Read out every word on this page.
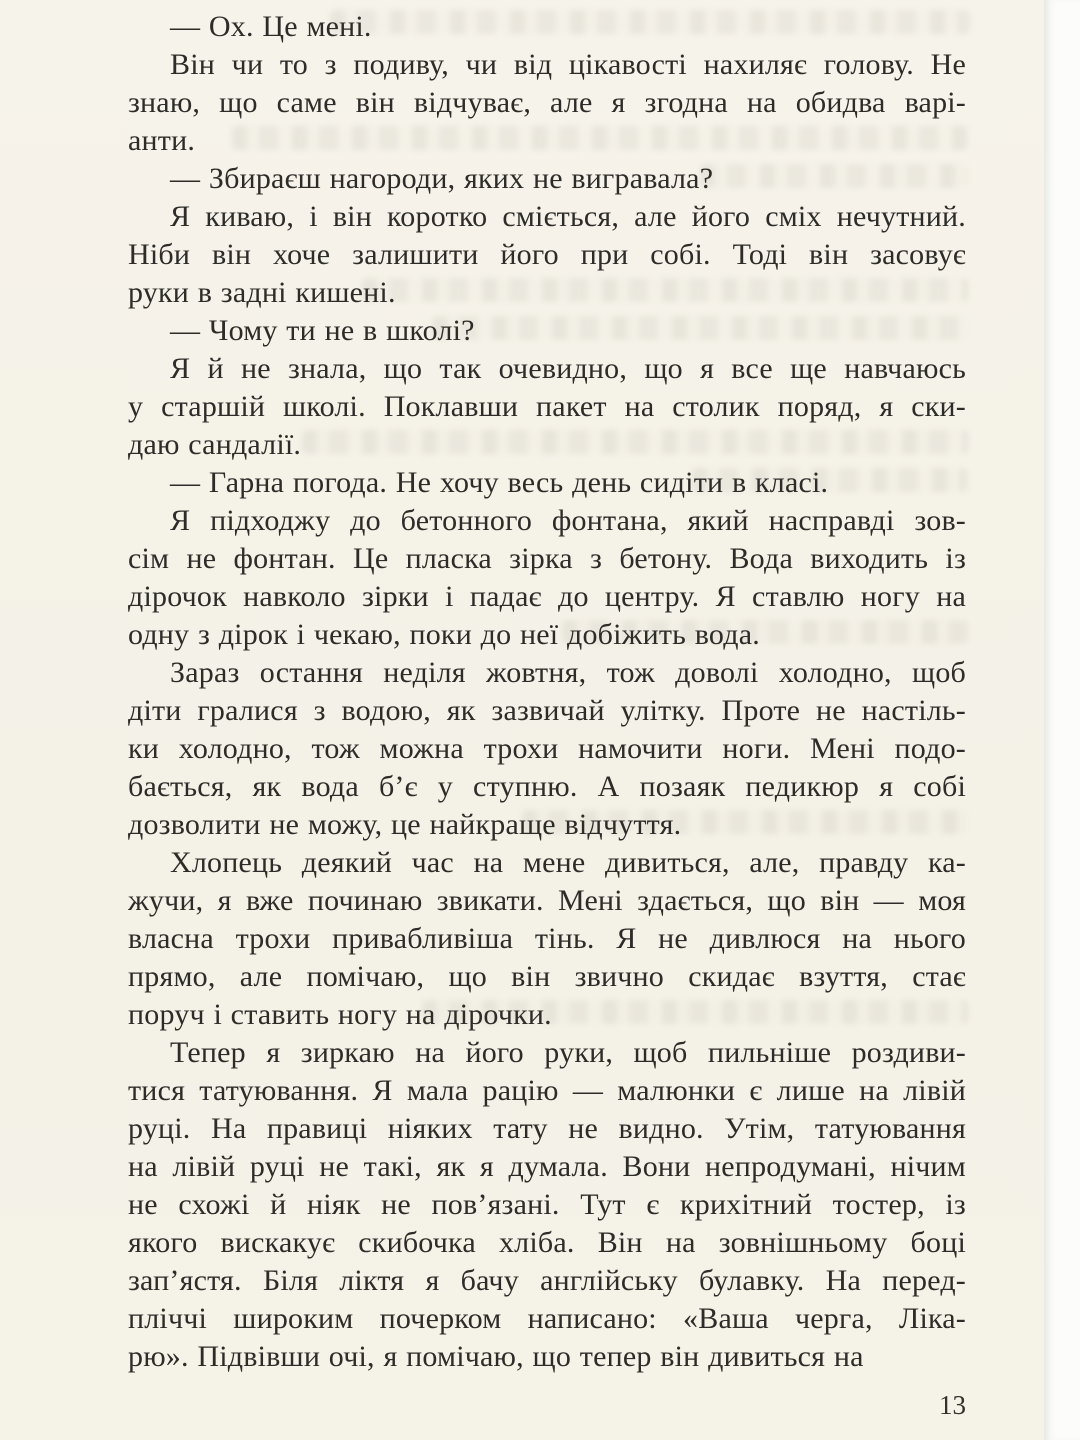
— Ох. Це мені.
Він чи то з подиву, чи від цікавості нахиляє голову. Не
знаю, що саме він відчуває, але я згодна на обидва варі-
анти.
— Збираєш нагороди, яких не вигравала?
Я киваю, і він коротко сміється, але його сміх нечутний.
Ніби він хоче залишити його при собі. Тоді він засовує
руки в задні кишені.
— Чому ти не в школі?
Я й не знала, що так очевидно, що я все ще навчаюсь
у старшій школі. Поклавши пакет на столик поряд, я ски-
даю сандалії.
— Гарна погода. Не хочу весь день сидіти в класі.
Я підходжу до бетонного фонтана, який насправді зов-
сім не фонтан. Це пласка зірка з бетону. Вода виходить із
дірочок навколо зірки і падає до центру. Я ставлю ногу на
одну з дірок і чекаю, поки до неї добіжить вода.
Зараз остання неділя жовтня, тож доволі холодно, щоб
діти гралися з водою, як зазвичай улітку. Проте не настіль-
ки холодно, тож можна трохи намочити ноги. Мені подо-
бається, як вода б’є у ступню. А позаяк педикюр я собі
дозволити не можу, це найкраще відчуття.
Хлопець деякий час на мене дивиться, але, правду ка-
жучи, я вже починаю звикати. Мені здається, що він — моя
власна трохи привабливіша тінь. Я не дивлюся на нього
прямо, але помічаю, що він звично скидає взуття, стає
поруч і ставить ногу на дірочки.
Тепер я зиркаю на його руки, щоб пильніше роздиви-
тися татуювання. Я мала рацію — малюнки є лише на лівій
руці. На правиці ніяких тату не видно. Утім, татуювання
на лівій руці не такі, як я думала. Вони непродумані, нічим
не схожі й ніяк не пов’язані. Тут є крихітний тостер, із
якого вискакує скибочка хліба. Він на зовнішньому боці
зап’ястя. Біля ліктя я бачу англійську булавку. На перед-
пліччі широким почерком написано: «Ваша черга, Ліка-
рю». Підвівши очі, я помічаю, що тепер він дивиться на
13
